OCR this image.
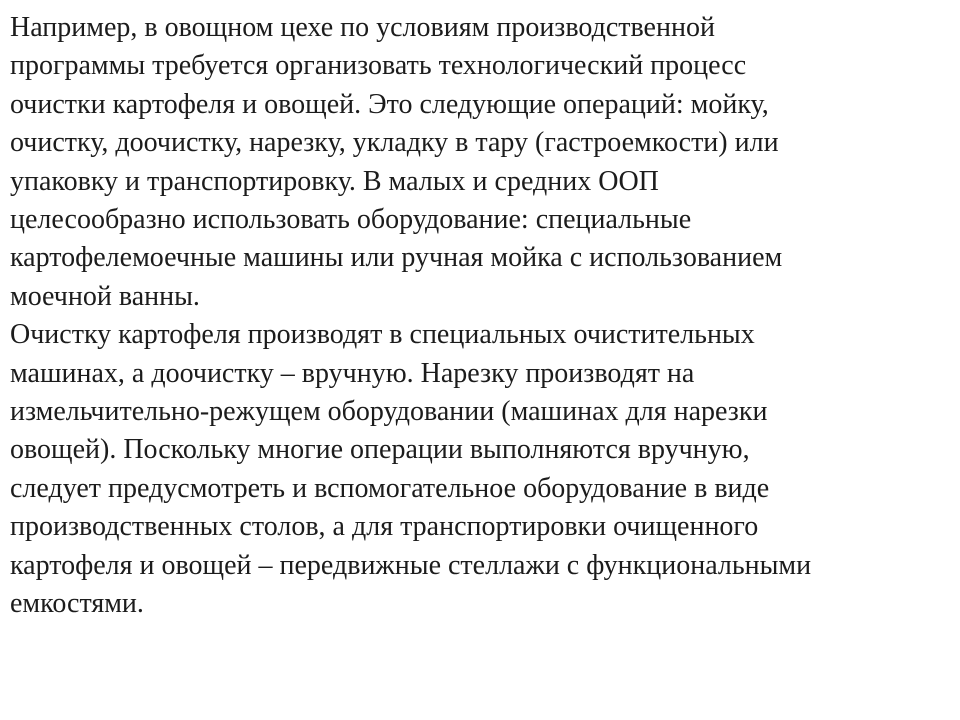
Например, в овощном цехе по условиям производственной
программы требуется организовать технологический процесс
очистки картофеля и овощей. Это следующие операций: мойку,
очистку, доочистку, нарезку, укладку в тару (гастроемкости) или
упаковку и транспортировку. В малых и средних ООП
целесообразно использовать оборудование: специальные
картофелемоечные машины или ручная мойка с использованием
моечной ванны.

Очистку картофеля производят в специальных очистительных
машинах, а доочистку – вручную. Нарезку производят на
измельчительно-режущем оборудовании (машинах для нарезки
овощей). Поскольку многие операции выполняются вручную,
следует предусмотреть и вспомогательное оборудование в виде
производственных столов, а для транспортировки очищенного
картофеля и овощей – передвижные стеллажи с функциональными
емкостями.
